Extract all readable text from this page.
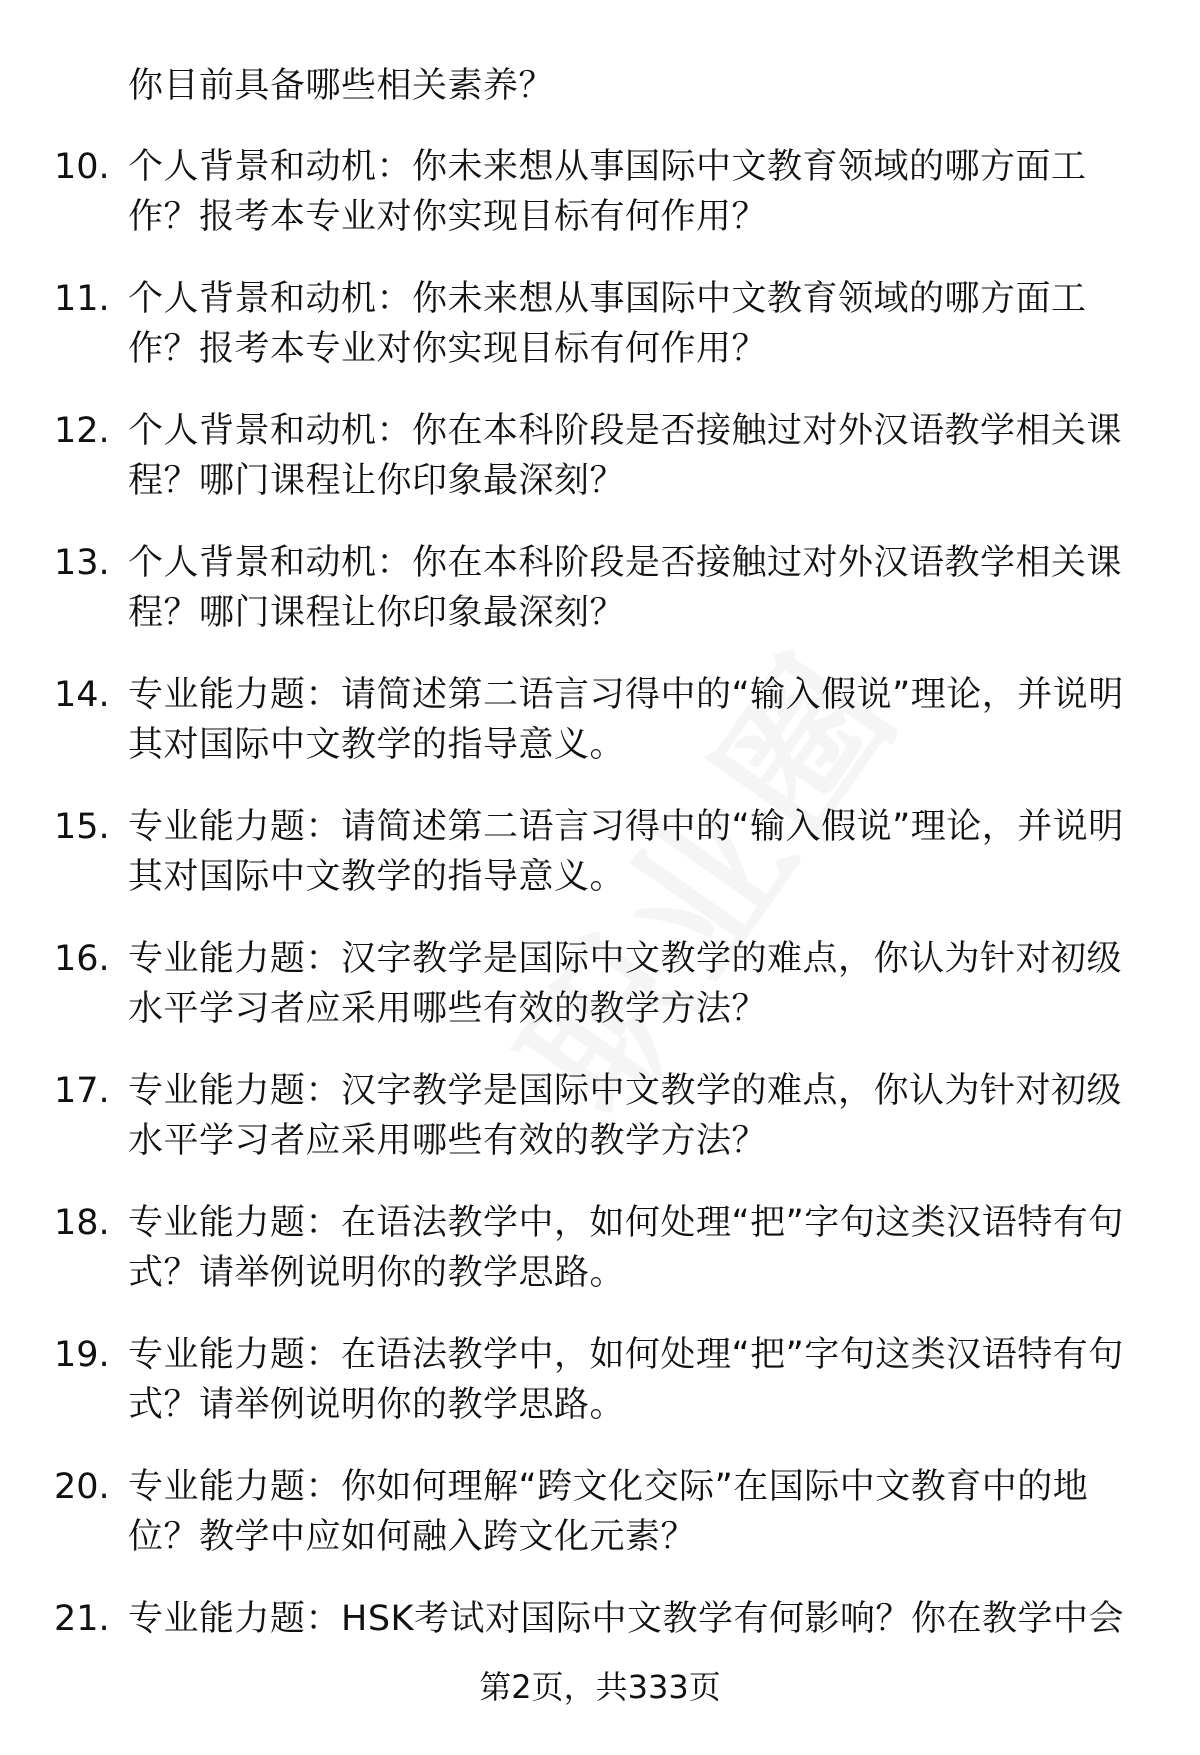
你目前具备哪些相关素养？
10. 个人背景和动机：你未来想从事国际中文教育领域的哪方面工作？报考本专业对你实现目标有何作用？
11. 个人背景和动机：你未来想从事国际中文教育领域的哪方面工作？报考本专业对你实现目标有何作用？
12. 个人背景和动机：你在本科阶段是否接触过对外汉语教学相关课程？哪门课程让你印象最深刻？
13. 个人背景和动机：你在本科阶段是否接触过对外汉语教学相关课程？哪门课程让你印象最深刻？
14. 专业能力题：请简述第二语言习得中的“输入假说”理论，并说明其对国际中文教学的指导意义。
15. 专业能力题：请简述第二语言习得中的“输入假说”理论，并说明其对国际中文教学的指导意义。
16. 专业能力题：汉字教学是国际中文教学的难点，你认为针对初级水平学习者应采用哪些有效的教学方法？
17. 专业能力题：汉字教学是国际中文教学的难点，你认为针对初级水平学习者应采用哪些有效的教学方法？
18. 专业能力题：在语法教学中，如何处理“把”字句这类汉语特有句式？请举例说明你的教学思路。
19. 专业能力题：在语法教学中，如何处理“把”字句这类汉语特有句式？请举例说明你的教学思路。
20. 专业能力题：你如何理解“跨文化交际”在国际中文教育中的地位？教学中应如何融入跨文化元素？
21. 专业能力题：HSK考试对国际中文教学有何影响？你在教学中会
第2页，共333页
